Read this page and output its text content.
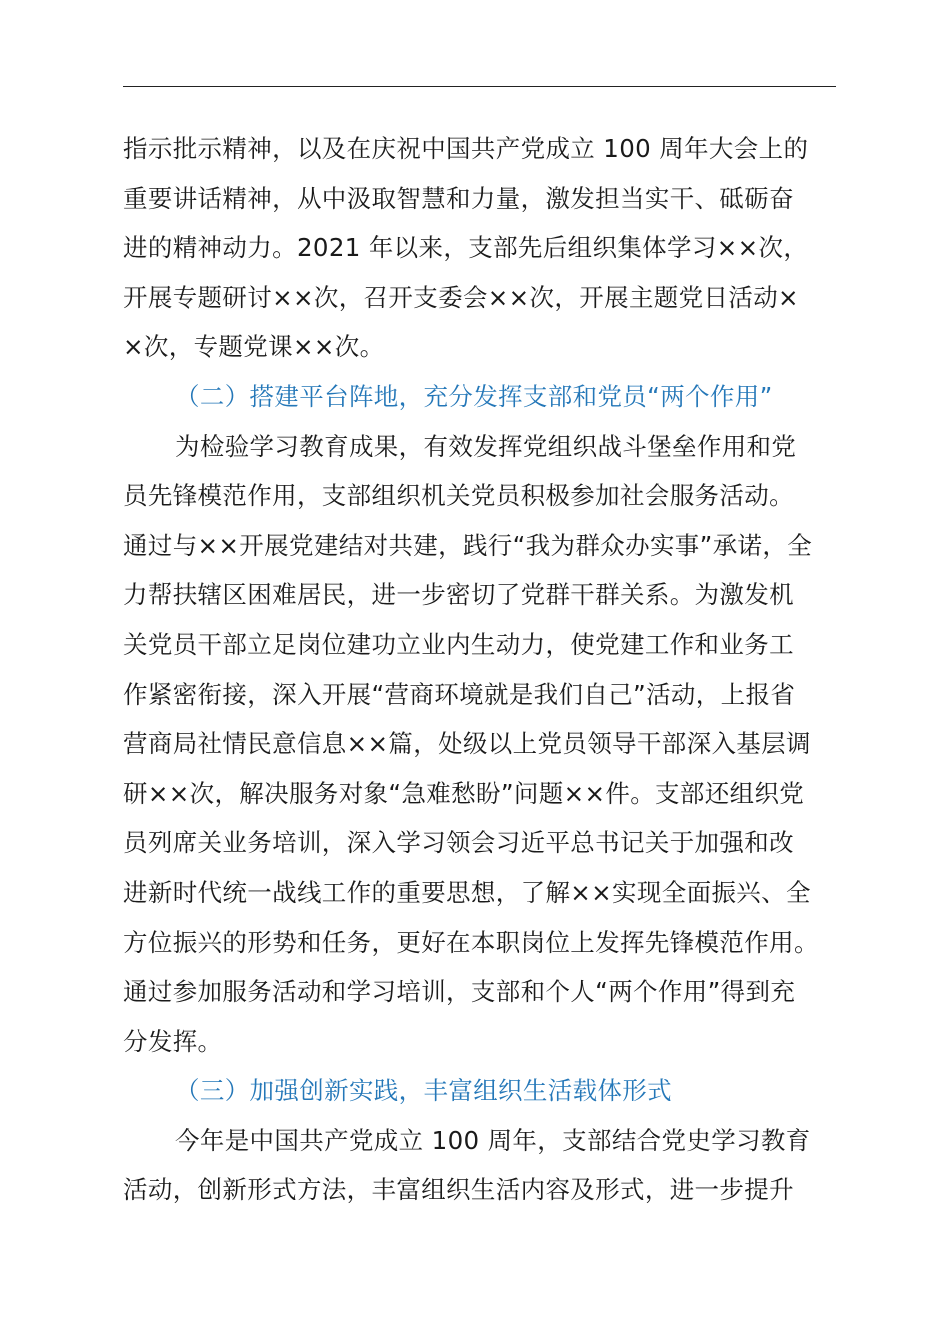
指示批示精神，以及在庆祝中国共产党成立 100 周年大会上的
重要讲话精神，从中汲取智慧和力量，激发担当实干、砥砺奋
进的精神动力。2021 年以来，支部先后组织集体学习××次，
开展专题研讨××次，召开支委会××次，开展主题党日活动×
×次，专题党课××次。
（二）搭建平台阵地，充分发挥支部和党员“两个作用”
为检验学习教育成果，有效发挥党组织战斗堡垒作用和党
员先锋模范作用，支部组织机关党员积极参加社会服务活动。
通过与××开展党建结对共建，践行“我为群众办实事”承诺，全
力帮扶辖区困难居民，进一步密切了党群干群关系。为激发机
关党员干部立足岗位建功立业内生动力，使党建工作和业务工
作紧密衔接，深入开展“营商环境就是我们自己”活动，上报省
营商局社情民意信息××篇，处级以上党员领导干部深入基层调
研××次，解决服务对象“急难愁盼”问题××件。支部还组织党
员列席关业务培训，深入学习领会习近平总书记关于加强和改
进新时代统一战线工作的重要思想，了解××实现全面振兴、全
方位振兴的形势和任务，更好在本职岗位上发挥先锋模范作用。
通过参加服务活动和学习培训，支部和个人“两个作用”得到充
分发挥。
（三）加强创新实践，丰富组织生活载体形式
今年是中国共产党成立 100 周年，支部结合党史学习教育
活动，创新形式方法，丰富组织生活内容及形式，进一步提升
